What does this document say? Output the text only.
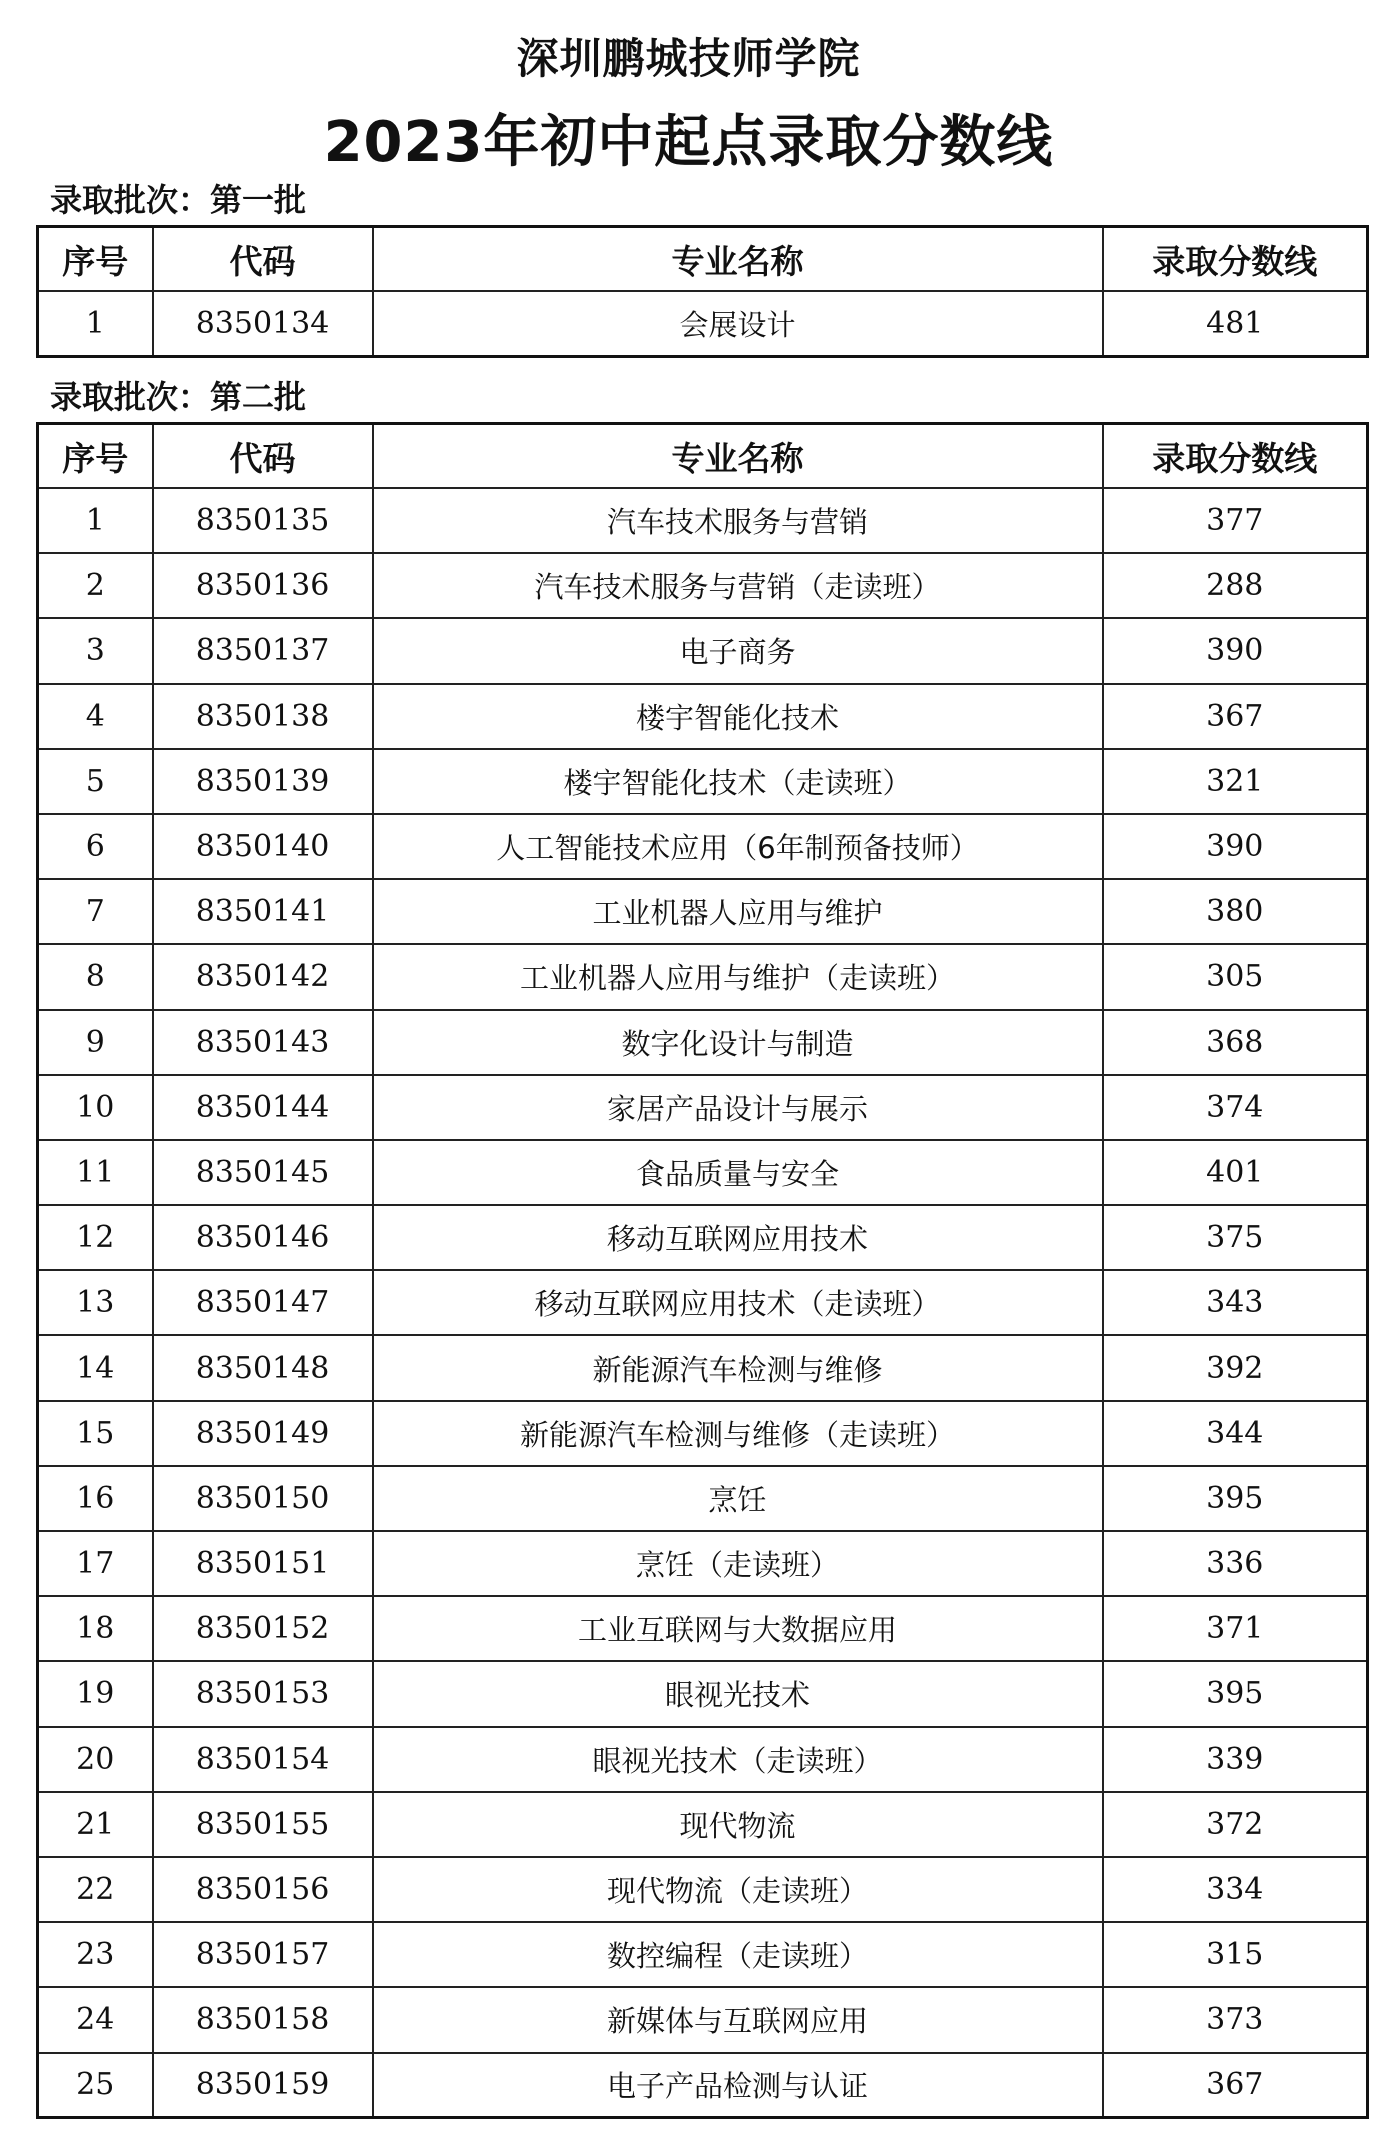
深圳鹏城技师学院
2023年初中起点录取分数线
录取批次：第一批
序号	代码	专业名称	录取分数线
1	8350134	会展设计	481
录取批次：第二批
序号	代码	专业名称	录取分数线
1	8350135	汽车技术服务与营销	377
2	8350136	汽车技术服务与营销（走读班）	288
3	8350137	电子商务	390
4	8350138	楼宇智能化技术	367
5	8350139	楼宇智能化技术（走读班）	321
6	8350140	人工智能技术应用（6年制预备技师）	390
7	8350141	工业机器人应用与维护	380
8	8350142	工业机器人应用与维护（走读班）	305
9	8350143	数字化设计与制造	368
10	8350144	家居产品设计与展示	374
11	8350145	食品质量与安全	401
12	8350146	移动互联网应用技术	375
13	8350147	移动互联网应用技术（走读班）	343
14	8350148	新能源汽车检测与维修	392
15	8350149	新能源汽车检测与维修（走读班）	344
16	8350150	烹饪	395
17	8350151	烹饪（走读班）	336
18	8350152	工业互联网与大数据应用	371
19	8350153	眼视光技术	395
20	8350154	眼视光技术（走读班）	339
21	8350155	现代物流	372
22	8350156	现代物流（走读班）	334
23	8350157	数控编程（走读班）	315
24	8350158	新媒体与互联网应用	373
25	8350159	电子产品检测与认证	367
